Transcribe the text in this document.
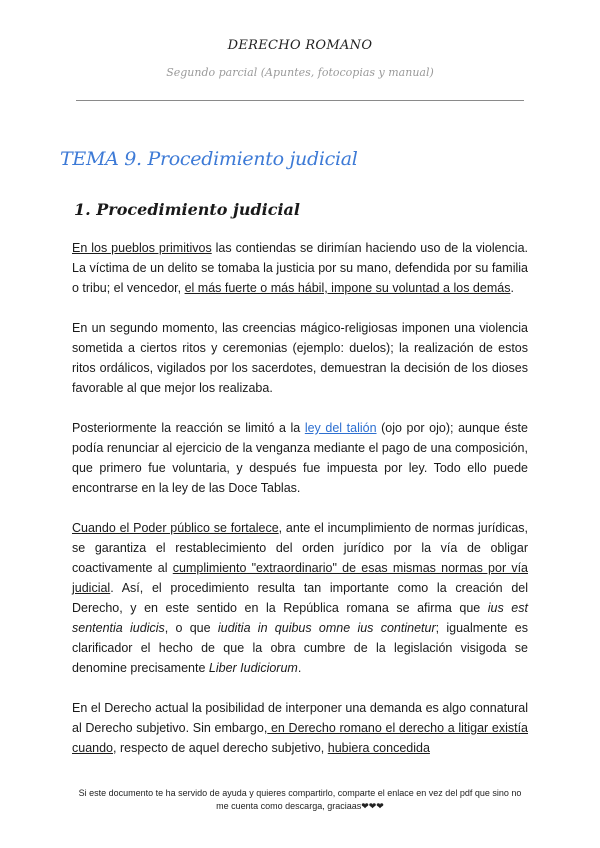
DERECHO ROMANO
Segundo parcial (Apuntes, fotocopias y manual)
TEMA 9. Procedimiento judicial
1. Procedimiento judicial

En los pueblos primitivos las contiendas se dirimían haciendo uso de la violencia. La víctima de un delito se tomaba la justicia por su mano, defendida por su familia o tribu; el vencedor, el más fuerte o más hábil, impone su voluntad a los demás.

En un segundo momento, las creencias mágico-religiosas imponen una violencia sometida a ciertos ritos y ceremonias (ejemplo: duelos); la realización de estos ritos ordálicos, vigilados por los sacerdotes, demuestran la decisión de los dioses favorable al que mejor los realizaba.

Posteriormente la reacción se limitó a la ley del talión (ojo por ojo); aunque éste podía renunciar al ejercicio de la venganza mediante el pago de una composición, que primero fue voluntaria, y después fue impuesta por ley. Todo ello puede encontrarse en la ley de las Doce Tablas.

Cuando el Poder público se fortalece, ante el incumplimiento de normas jurídicas, se garantiza el restablecimiento del orden jurídico por la vía de obligar coactivamente al cumplimiento "extraordinario" de esas mismas normas por vía judicial. Así, el procedimiento resulta tan importante como la creación del Derecho, y en este sentido en la República romana se afirma que ius est sententia iudicis, o que iuditia in quibus omne ius continetur; igualmente es clarificador el hecho de que la obra cumbre de la legislación visigoda se denomine precisamente Liber Iudiciorum.

En el Derecho actual la posibilidad de interponer una demanda es algo connatural al Derecho subjetivo. Sin embargo, en Derecho romano el derecho a litigar existía cuando, respecto de aquel derecho subjetivo, hubiera concedida

Si este documento te ha servido de ayuda y quieres compartirlo, comparte el enlace en vez del pdf que sino no
me cuenta como descarga, graciaas❤❤❤
